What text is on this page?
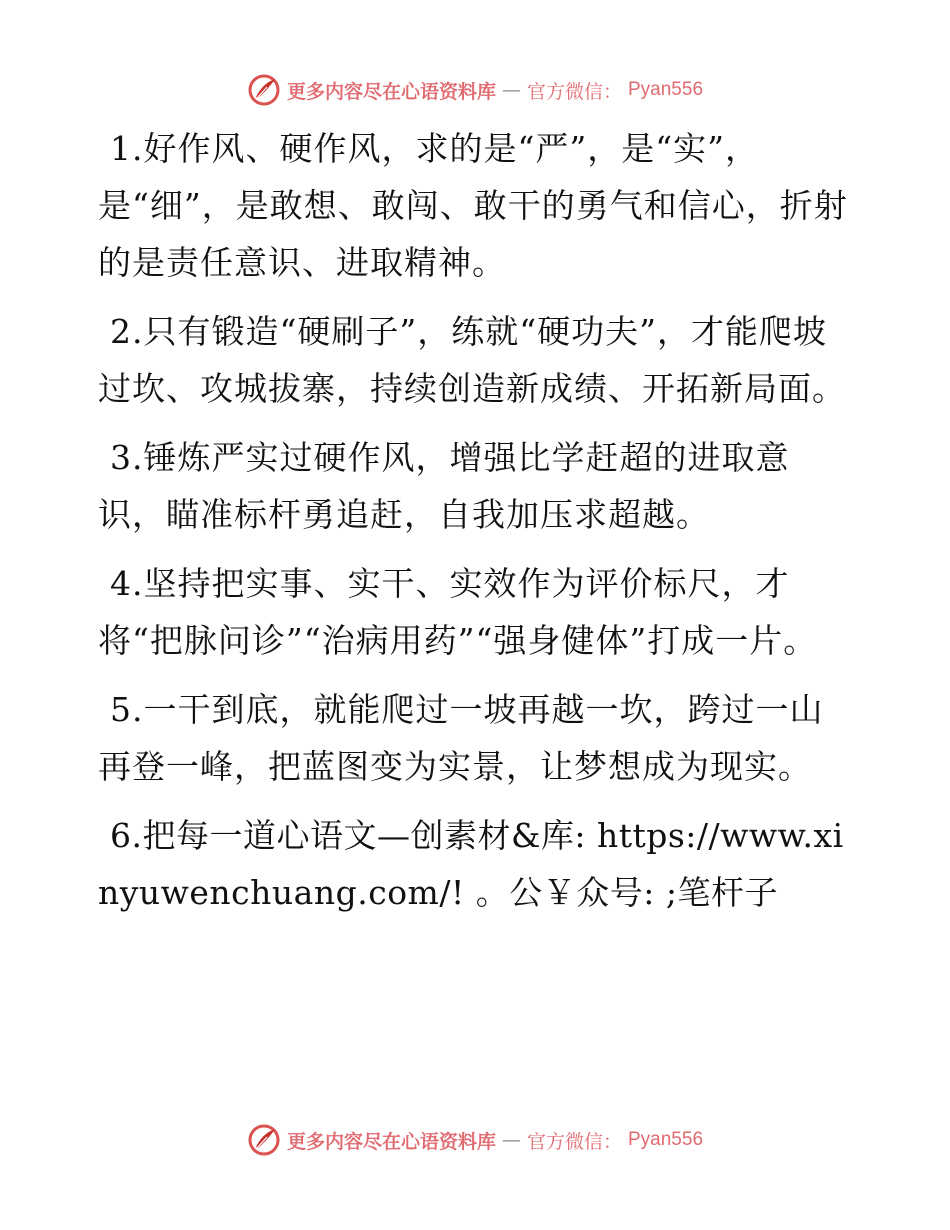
更多内容尽在心语资料库 — 官方微信： Pyan556

1.好作风、硬作风，求的是“严”，是“实”，是“细”，是敢想、敢闯、敢干的勇气和信心，折射的是责任意识、进取精神。

2.只有锻造“硬刷子”，练就“硬功夫”，才能爬坡过坎、攻城拔寨，持续创造新成绩、开拓新局面。

3.锤炼严实过硬作风，增强比学赶超的进取意识，瞄准标杆勇追赶，自我加压求超越。

4.坚持把实事、实干、实效作为评价标尺，才将“把脉问诊”“治病用药”“强身健体”打成一片。

5.一干到底，就能爬过一坡再越一坎，跨过一山再登一峰，把蓝图变为实景，让梦想成为现实。

6.把每一道心语文—创素材&库: https://www.xinyuwenchuang.com/! 。公￥众号: ;笔杆子

更多内容尽在心语资料库 — 官方微信： Pyan556
